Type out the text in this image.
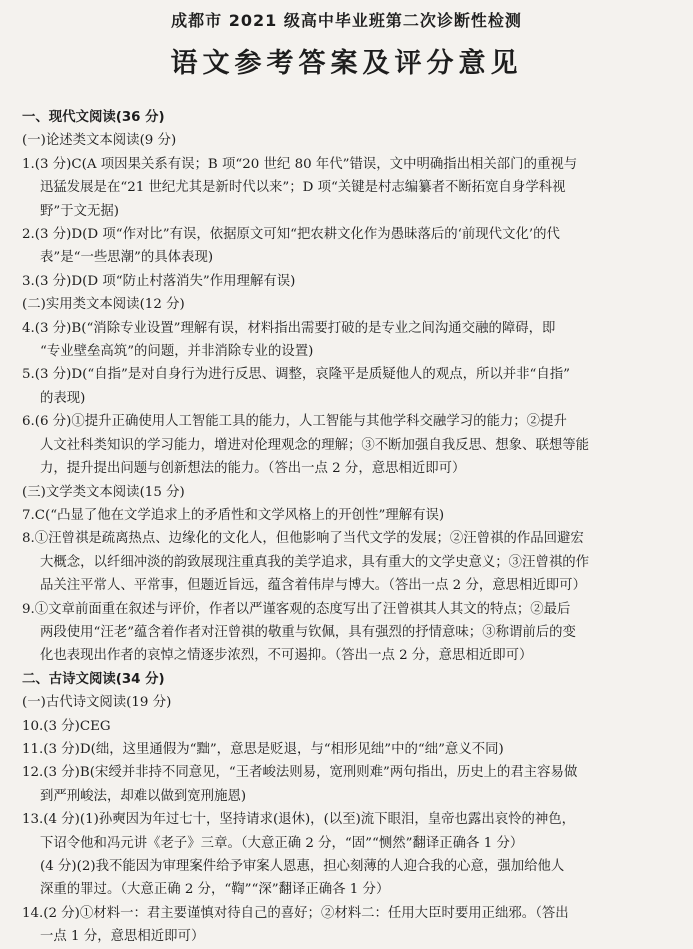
成都市 2021 级高中毕业班第二次诊断性检测
语文参考答案及评分意见
一、现代文阅读(36 分)
(一)论述类文本阅读(9 分)
1.(3 分)C(A 项因果关系有误；B 项“20 世纪 80 年代”错误，文中明确指出相关部门的重视与
迅猛发展是在“21 世纪尤其是新时代以来”；D 项“关键是村志编纂者不断拓宽自身学科视
野”于文无据)
2.(3 分)D(D 项“作对比”有误，依据原文可知“把农耕文化作为愚昧落后的‘前现代文化’的代
表”是“一些思潮”的具体表现)
3.(3 分)D(D 项“防止村落消失”作用理解有误)
(二)实用类文本阅读(12 分)
4.(3 分)B(“消除专业设置”理解有误，材料指出需要打破的是专业之间沟通交融的障碍，即
“专业壁垒高筑”的问题，并非消除专业的设置)
5.(3 分)D(“自指”是对自身行为进行反思、调整，哀隆平是质疑他人的观点，所以并非“自指”
的表现)
6.(6 分)①提升正确使用人工智能工具的能力，人工智能与其他学科交融学习的能力；②提升
人文社科类知识的学习能力，增进对伦理观念的理解；③不断加强自我反思、想象、联想等能
力，提升提出问题与创新想法的能力。（答出一点 2 分，意思相近即可）
(三)文学类文本阅读(15 分)
7.C(“凸显了他在文学追求上的矛盾性和文学风格上的开创性”理解有误)
8.①汪曾祺是疏离热点、边缘化的文化人，但他影响了当代文学的发展；②汪曾祺的作品回避宏
大概念，以纤细冲淡的韵致展现注重真我的美学追求，具有重大的文学史意义；③汪曾祺的作
品关注平常人、平常事，但题近旨远，蕴含着伟岸与博大。（答出一点 2 分，意思相近即可）
9.①文章前面重在叙述与评价，作者以严谨客观的态度写出了汪曾祺其人其文的特点；②最后
两段使用“汪老”蕴含着作者对汪曾祺的敬重与钦佩，具有强烈的抒情意味；③称谓前后的变
化也表现出作者的哀悼之情逐步浓烈，不可遏抑。（答出一点 2 分，意思相近即可）
二、古诗文阅读(34 分)
(一)古代诗文阅读(19 分)
10.(3 分)CEG
11.(3 分)D(绌，这里通假为“黜”，意思是贬退，与“相形见绌”中的“绌”意义不同)
12.(3 分)B(宋绶并非持不同意见，“王者峻法则易，宽刑则难”两句指出，历史上的君主容易做
到严刑峻法，却难以做到宽刑施恩)
13.(4 分)(1)孙奭因为年过七十，坚持请求(退休)，(以至)流下眼泪，皇帝也露出哀怜的神色，
下诏令他和冯元讲《老子》三章。（大意正确 2 分，“固”“恻然”翻译正确各 1 分）
(4 分)(2)我不能因为审理案件给予审案人恩惠，担心刻薄的人迎合我的心意，强加给他人
深重的罪过。（大意正确 2 分，“鞫”“深”翻译正确各 1 分）
14.(2 分)①材料一：君主要谨慎对待自己的喜好；②材料二：任用大臣时要用正绌邪。（答出
一点 1 分，意思相近即可）
